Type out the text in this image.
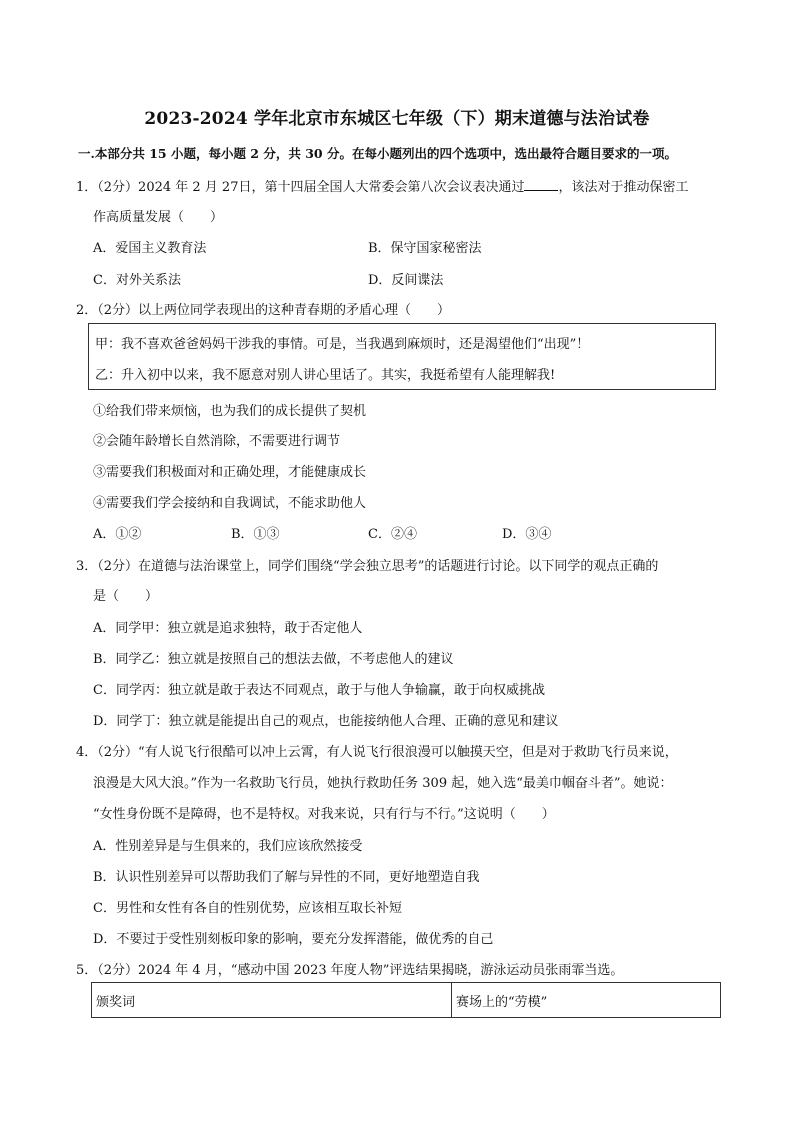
2023-2024 学年北京市东城区七年级（下）期末道德与法治试卷
一.本部分共 15 小题，每小题 2 分，共 30 分。在每小题列出的四个选项中，选出最符合题目要求的一项。
1．（2分）2024 年 2 月 27日，第十四届全国人大常委会第八次会议表决通过	，该法对于推动保密工
作高质量发展（　　）
A．爱国主义教育法	B．保守国家秘密法
C．对外关系法	D．反间谍法
2．（2分）以上两位同学表现出的这种青春期的矛盾心理（　　）
甲：我不喜欢爸爸妈妈干涉我的事情。可是，当我遇到麻烦时，还是渴望他们“出现”！
乙：升入初中以来，我不愿意对别人讲心里话了。其实，我挺希望有人能理解我!
①给我们带来烦恼，也为我们的成长提供了契机
②会随年龄增长自然消除，不需要进行调节
③需要我们积极面对和正确处理，才能健康成长
④需要我们学会接纳和自我调试，不能求助他人
A．①②	B．①③	C．②④	D．③④
3．（2分）在道德与法治课堂上，同学们围绕“学会独立思考”的话题进行讨论。以下同学的观点正确的
是（　　）
A．同学甲：独立就是追求独特，敢于否定他人
B．同学乙：独立就是按照自己的想法去做，不考虑他人的建议
C．同学丙：独立就是敢于表达不同观点，敢于与他人争输赢，敢于向权威挑战
D．同学丁：独立就是能提出自己的观点，也能接纳他人合理、正确的意见和建议
4．（2分）“有人说飞行很酷可以冲上云霄，有人说飞行很浪漫可以触摸天空，但是对于救助飞行员来说，
浪漫是大风大浪。”作为一名救助飞行员，她执行救助任务 309 起，她入选“最美巾帼奋斗者”。她说：
“女性身份既不是障碍，也不是特权。对我来说，只有行与不行。”这说明（　　）
A．性别差异是与生俱来的，我们应该欣然接受
B．认识性别差异可以帮助我们了解与异性的不同，更好地塑造自我
C．男性和女性有各自的性别优势，应该相互取长补短
D．不要过于受性别刻板印象的影响，要充分发挥潜能，做优秀的自己
5．（2分）2024 年 4 月，“感动中国 2023 年度人物”评选结果揭晓，游泳运动员张雨霏当选。
颁奖词	赛场上的“劳模”
